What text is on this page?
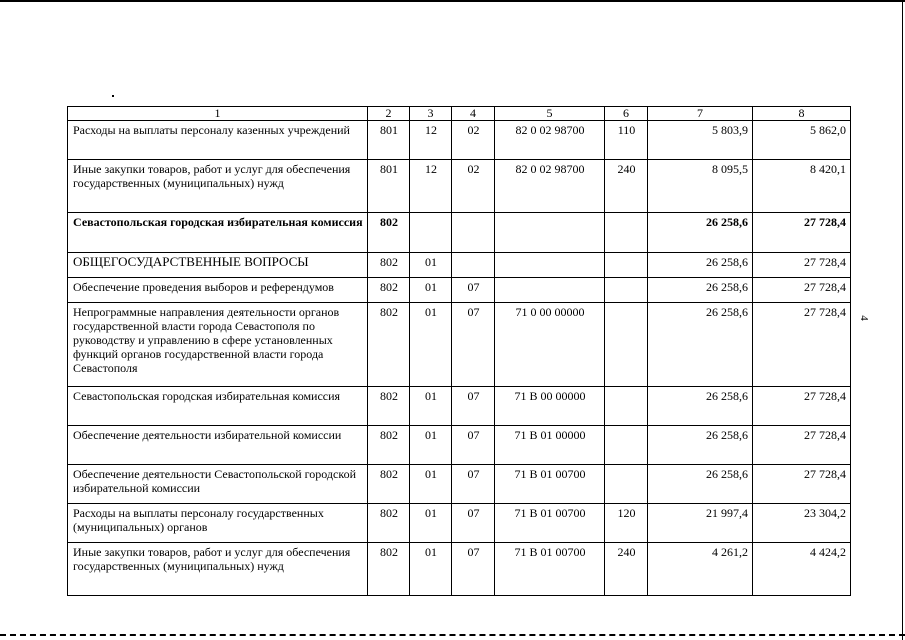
4
1	2	3	4	5	6	7	8
Расходы на выплаты персоналу казенных учреждений	801	12	02	82 0 02 98700	110	5 803,9	5 862,0
Иные закупки товаров, работ и услуг для обеспечения государственных (муниципальных) нужд	801	12	02	82 0 02 98700	240	8 095,5	8 420,1
Севастопольская городская избирательная комиссия	802					26 258,6	27 728,4
ОБЩЕГОСУДАРСТВЕННЫЕ ВОПРОСЫ	802	01				26 258,6	27 728,4
Обеспечение проведения выборов и референдумов	802	01	07			26 258,6	27 728,4
Непрограммные направления деятельности органов государственной власти города Севастополя по руководству и управлению в сфере установленных функций органов государственной власти города Севастополя	802	01	07	71 0 00 00000		26 258,6	27 728,4
Севастопольская городская избирательная комиссия	802	01	07	71 В 00 00000		26 258,6	27 728,4
Обеспечение деятельности избирательной комиссии	802	01	07	71 В 01 00000		26 258,6	27 728,4
Обеспечение деятельности Севастопольской городской избирательной комиссии	802	01	07	71 В 01 00700		26 258,6	27 728,4
Расходы на выплаты персоналу государственных (муниципальных) органов	802	01	07	71 В 01 00700	120	21 997,4	23 304,2
Иные закупки товаров, работ и услуг для обеспечения государственных (муниципальных) нужд	802	01	07	71 В 01 00700	240	4 261,2	4 424,2
